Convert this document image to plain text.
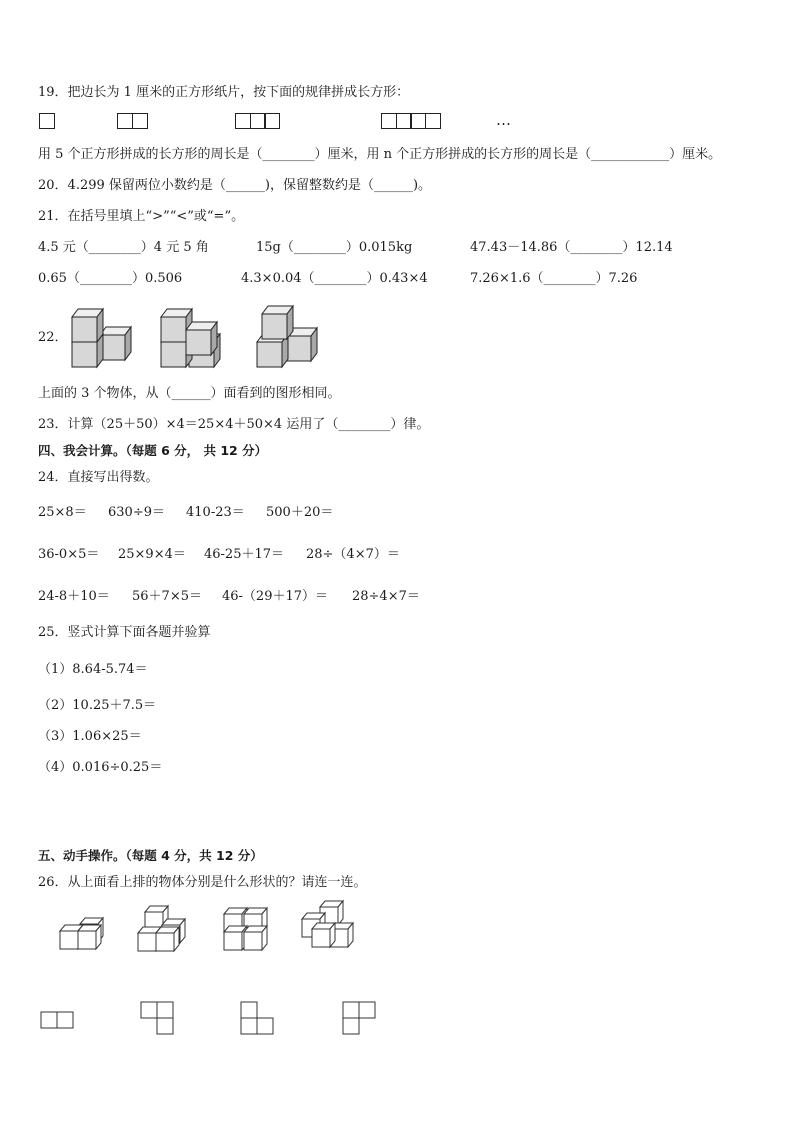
19．把边长为 1 厘米的正方形纸片，按下面的规律拼成长方形：
…
用 5 个正方形拼成的长方形的周长是（________）厘米，用 n 个正方形拼成的长方形的周长是（____________）厘米。
20．4.299 保留两位小数约是（______)，保留整数约是（______)。
21．在括号里填上“>”“<”或“=”。
4.5 元（________）4 元 5 角	15g（________）0.015kg	47.43－14.86（________）12.14
0.65（________）0.506	4.3×0.04（________）0.43×4	7.26×1.6（________）7.26
22．
上面的 3 个物体，从（______）面看到的图形相同。
23．计算（25＋50）×4＝25×4＋50×4 运用了（________）律。
四、我会计算。（每题 6 分， 共 12 分）
24．直接写出得数。
25×8＝ 630÷9＝ 410-23＝ 500＋20＝
36-0×5＝ 25×9×4＝ 46-25＋17＝ 28÷（4×7）＝
24-8＋10＝ 56＋7×5＝ 46-（29＋17）＝ 28÷4×7＝
25．竖式计算下面各题并验算
（1）8.64-5.74＝
（2）10.25＋7.5＝
（3）1.06×25＝
（4）0.016÷0.25＝
五、动手操作。（每题 4 分，共 12 分）
26．从上面看上排的物体分别是什么形状的？请连一连。
